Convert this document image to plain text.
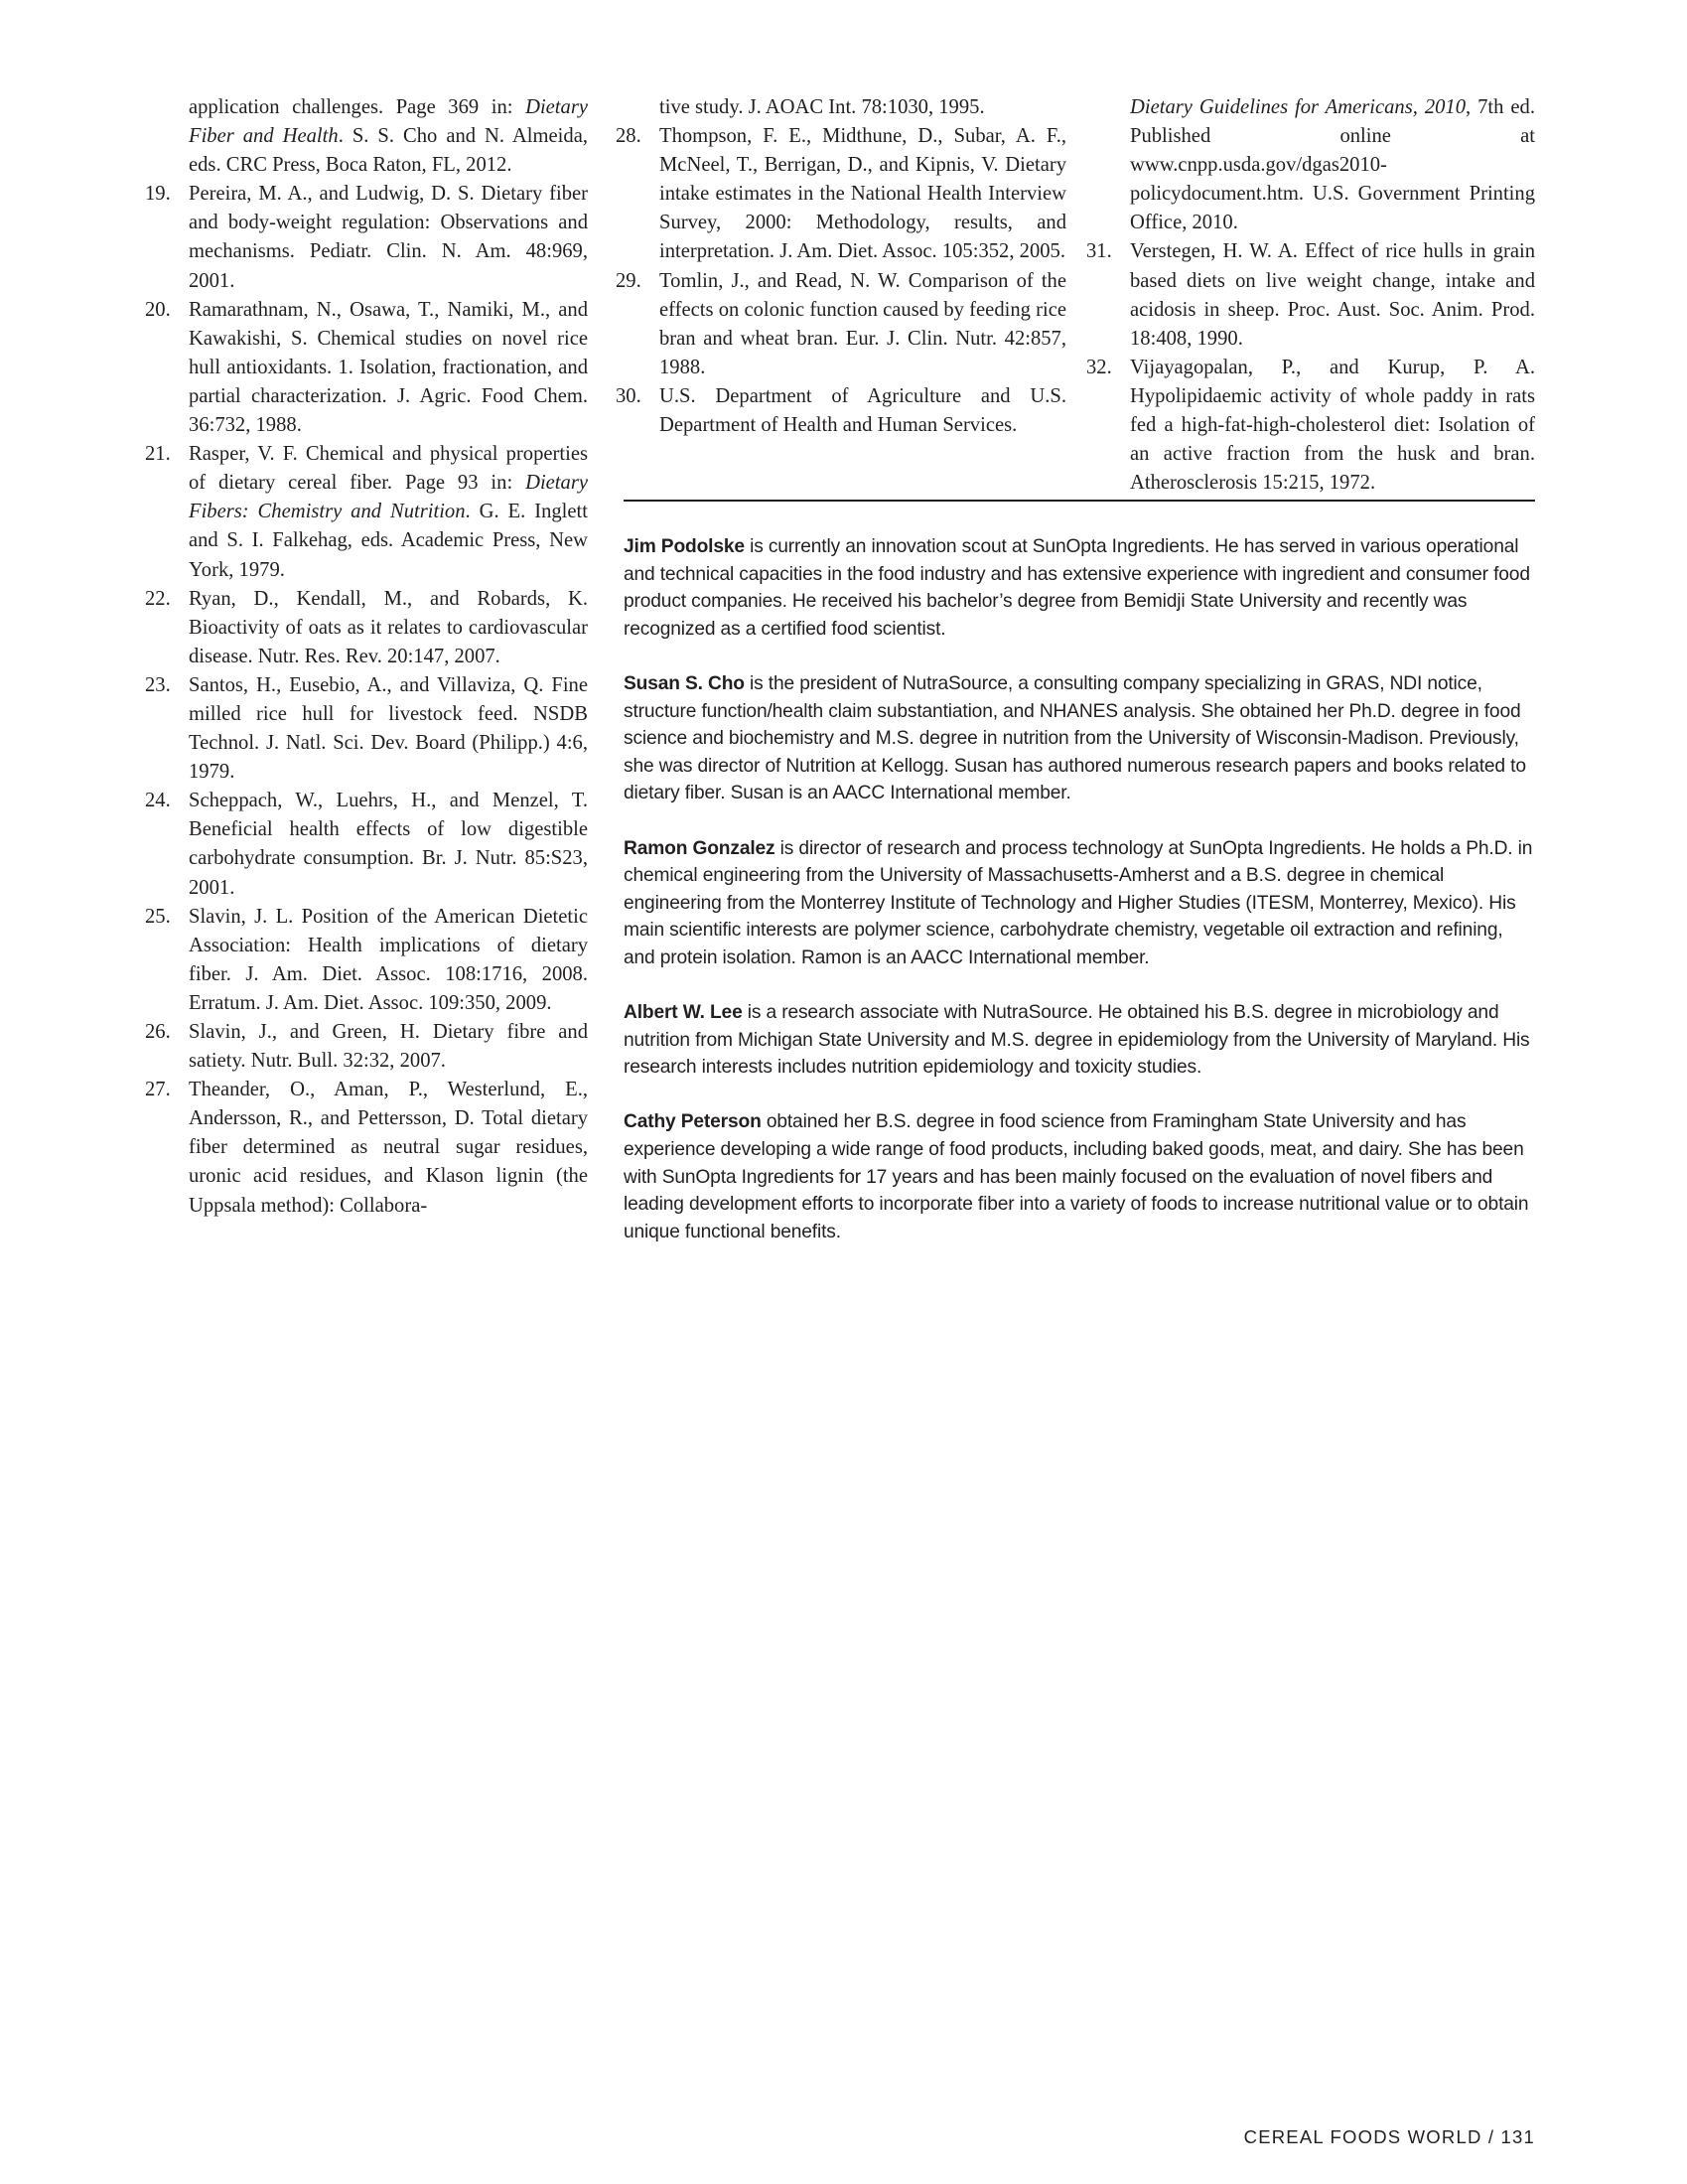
application challenges. Page 369 in: Dietary Fiber and Health. S. S. Cho and N. Almeida, eds. CRC Press, Boca Raton, FL, 2012.
19. Pereira, M. A., and Ludwig, D. S. Dietary fiber and body-weight regulation: Observations and mechanisms. Pediatr. Clin. N. Am. 48:969, 2001.
20. Ramarathnam, N., Osawa, T., Namiki, M., and Kawakishi, S. Chemical studies on novel rice hull antioxidants. 1. Isolation, fractionation, and partial characterization. J. Agric. Food Chem. 36:732, 1988.
21. Rasper, V. F. Chemical and physical properties of dietary cereal fiber. Page 93 in: Dietary Fibers: Chemistry and Nutrition. G. E. Inglett and S. I. Falkehag, eds. Academic Press, New York, 1979.
22. Ryan, D., Kendall, M., and Robards, K. Bioactivity of oats as it relates to cardiovascular disease. Nutr. Res. Rev. 20:147, 2007.
23. Santos, H., Eusebio, A., and Villaviza, Q. Fine milled rice hull for livestock feed. NSDB Technol. J. Natl. Sci. Dev. Board (Philipp.) 4:6, 1979.
24. Scheppach, W., Luehrs, H., and Menzel, T. Beneficial health effects of low digestible carbohydrate consumption. Br. J. Nutr. 85:S23, 2001.
25. Slavin, J. L. Position of the American Dietetic Association: Health implications of dietary fiber. J. Am. Diet. Assoc. 108:1716, 2008. Erratum. J. Am. Diet. Assoc. 109:350, 2009.
26. Slavin, J., and Green, H. Dietary fibre and satiety. Nutr. Bull. 32:32, 2007.
27. Theander, O., Aman, P., Westerlund, E., Andersson, R., and Pettersson, D. Total dietary fiber determined as neutral sugar residues, uronic acid residues, and Klason lignin (the Uppsala method): Collabora-
tive study. J. AOAC Int. 78:1030, 1995.
28. Thompson, F. E., Midthune, D., Subar, A. F., McNeel, T., Berrigan, D., and Kipnis, V. Dietary intake estimates in the National Health Interview Survey, 2000: Methodology, results, and interpretation. J. Am. Diet. Assoc. 105:352, 2005.
29. Tomlin, J., and Read, N. W. Comparison of the effects on colonic function caused by feeding rice bran and wheat bran. Eur. J. Clin. Nutr. 42:857, 1988.
30. U.S. Department of Agriculture and U.S. Department of Health and Human Services.
Dietary Guidelines for Americans, 2010, 7th ed. Published online at www.cnpp.usda.gov/dgas2010-policydocument.htm. U.S. Government Printing Office, 2010.
31. Verstegen, H. W. A. Effect of rice hulls in grain based diets on live weight change, intake and acidosis in sheep. Proc. Aust. Soc. Anim. Prod. 18:408, 1990.
32. Vijayagopalan, P., and Kurup, P. A. Hypolipidaemic activity of whole paddy in rats fed a high-fat-high-cholesterol diet: Isolation of an active fraction from the husk and bran. Atherosclerosis 15:215, 1972.

Jim Podolske is currently an innovation scout at SunOpta Ingredients. He has served in various operational and technical capacities in the food industry and has extensive experience with ingredient and consumer food product companies. He received his bachelor’s degree from Bemidji State University and recently was recognized as a certified food scientist.

Susan S. Cho is the president of NutraSource, a consulting company specializing in GRAS, NDI notice, structure function/health claim substantiation, and NHANES analysis. She obtained her Ph.D. degree in food science and biochemistry and M.S. degree in nutrition from the University of Wisconsin-Madison. Previously, she was director of Nutrition at Kellogg. Susan has authored numerous research papers and books related to dietary fiber. Susan is an AACC International member.

Ramon Gonzalez is director of research and process technology at SunOpta Ingredients. He holds a Ph.D. in chemical engineering from the University of Massachusetts-Amherst and a B.S. degree in chemical engineering from the Monterrey Institute of Technology and Higher Studies (ITESM, Monterrey, Mexico). His main scientific interests are polymer science, carbohydrate chemistry, vegetable oil extraction and refining, and protein isolation. Ramon is an AACC International member.

Albert W. Lee is a research associate with NutraSource. He obtained his B.S. degree in microbiology and nutrition from Michigan State University and M.S. degree in epidemiology from the University of Maryland. His research interests includes nutrition epidemiology and toxicity studies.

Cathy Peterson obtained her B.S. degree in food science from Framingham State University and has experience developing a wide range of food products, including baked goods, meat, and dairy. She has been with SunOpta Ingredients for 17 years and has been mainly focused on the evaluation of novel fibers and leading development efforts to incorporate fiber into a variety of foods to increase nutritional value or to obtain unique functional benefits.

CEREAL FOODS WORLD / 131
